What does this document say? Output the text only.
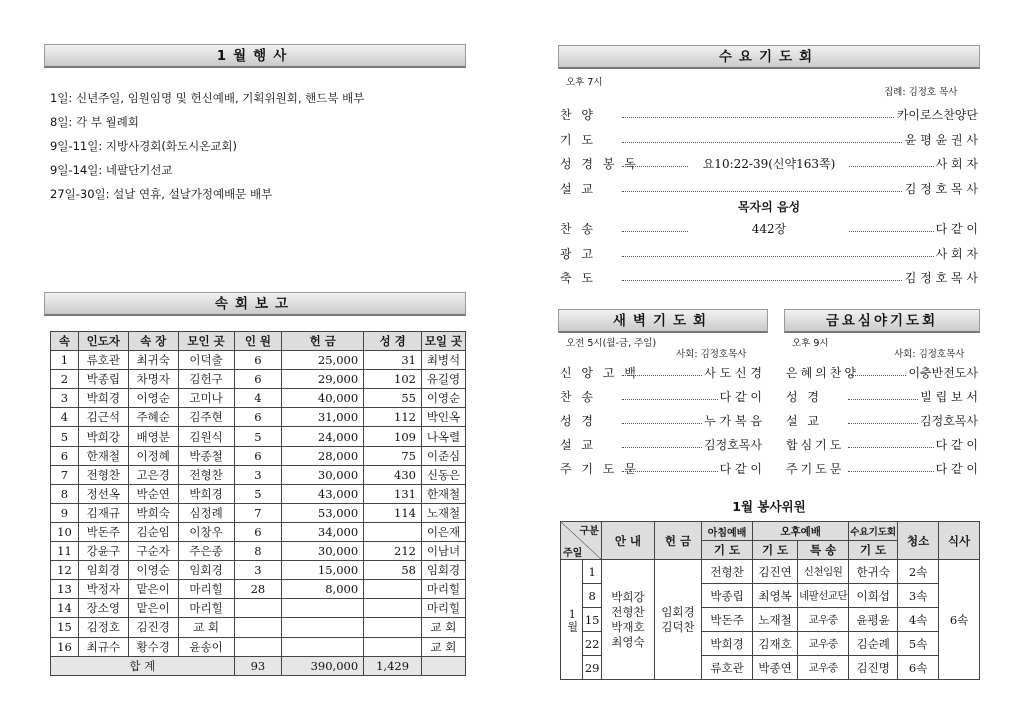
1월행사
1일: 신년주일, 임원임명 및 헌신예배, 기획위원회, 핸드북 배부
8일: 각 부 월례회
9일-11일: 지방사경회(화도시온교회)
9일-14일: 네팔단기선교
27일-30일: 설날 연휴, 설날가정예배문 배부
속회보고
속	인도자	속 장	모인 곳	인 원	헌 금	성 경	모일 곳
1	류호관	최귀숙	이덕출	6	25,000	31	최병석
2	박종립	차명자	김헌구	6	29,000	102	유길영
3	박희경	이영순	고미나	4	40,000	55	이영순
4	김근석	주혜순	김주현	6	31,000	112	박인옥
5	박희강	배영분	김원식	5	24,000	109	나옥렬
6	한재철	이정혜	박종철	6	28,000	75	이준심
7	전형찬	고은경	전형찬	3	30,000	430	신동은
8	정선옥	박순연	박희경	5	43,000	131	한재철
9	김재규	박희숙	심정례	7	53,000	114	노재철
10	박돈주	김순임	이창우	6	34,000		이은재
11	강윤구	구순자	주은종	8	30,000	212	이남녀
12	임회경	이영순	임회경	3	15,000	58	임회경
13	박정자	맡은이	마리힐	28	8,000		마리힐
14	장소영	맡은이	마리힐				마리힐
15	김정호	김진경	교 회				교 회
16	최규수	황수경	윤송이				교 회
합 계				93	390,000	1,429	
수요기도회
오후 7시
집례: 김정호 목사
찬 양	카이로스찬양단
기 도	윤 평 윤 권 사
성 경 봉 독	요10:22-39(신약163쪽)	사 회 자
설 교	김 정 호 목 사
찬 송	442장	다 같 이
광 고	사 회 자
축 도	김 정 호 목 사
목자의 음성
새벽기도회
오전 5시(월-금, 주일)
사회: 김정호목사
신 앙 고 백	사 도 신 경
찬 송	다 같 이
성 경	누 가 복 음
설 교	김정호목사
주 기 도 문	다 같 이
금요심야기도회
오후 9시
사회: 김정호목사
은혜의찬양	이충반전도사
성 경	빌 립 보 서
설 교	김정호목사
합심기도	다 같 이
주기도문	다 같 이
1월 봉사위원
구분
주일		안 내	헌 금	아침예배	오후예배		수요기도회	청소	식사
				기 도	기 도	특 송	기 도		
1월	1	박희강 전형찬 박재호 최영숙	임회경 김덕찬	전형찬	김진연	신천임원	한귀숙	2속	6속
	8			박종립	최영복	네팔선교단	이희섭	3속	
	15			박돈주	노재철	교우중	윤평윤	4속	
	22			박희경	김재호	교우중	김순례	5속	
	29			류호관	박종연	교우중	김진명	6속	
